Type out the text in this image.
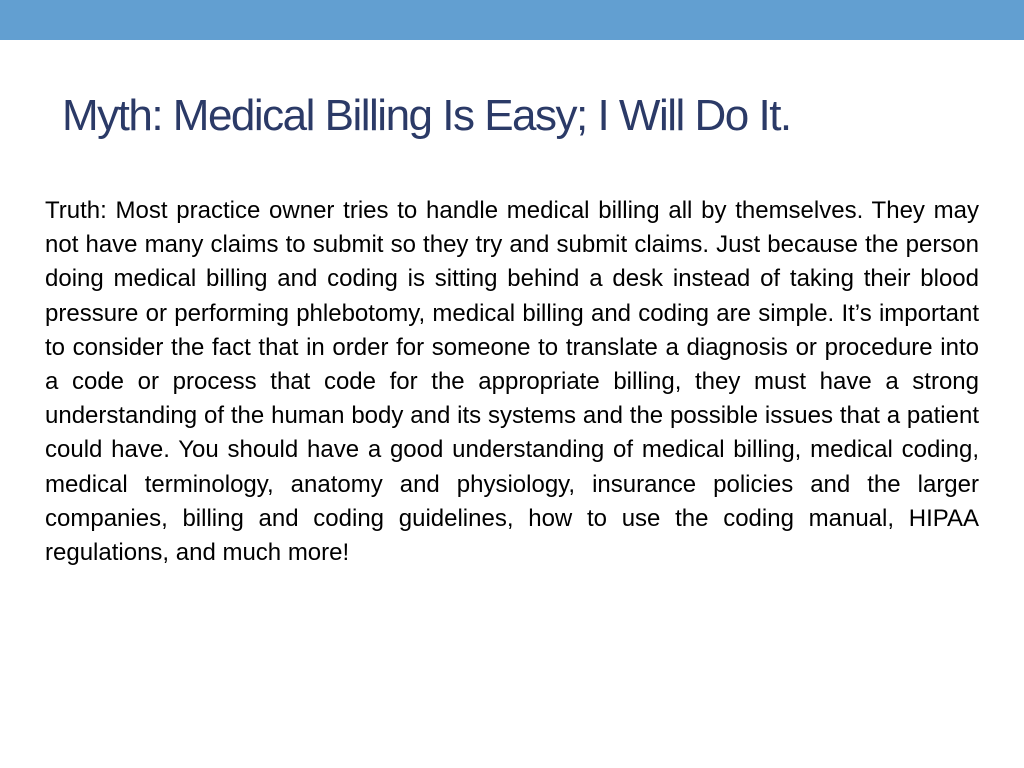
Myth: Medical Billing Is Easy; I Will Do It.

Truth: Most practice owner tries to handle medical billing all by themselves. They may not have many claims to submit so they try and submit claims. Just because the person doing medical billing and coding is sitting behind a desk instead of taking their blood pressure or performing phlebotomy, medical billing and coding are simple. It’s important to consider the fact that in order for someone to translate a diagnosis or procedure into a code or process that code for the appropriate billing, they must have a strong understanding of the human body and its systems and the possible issues that a patient could have. You should have a good understanding of medical billing, medical coding, medical terminology, anatomy and physiology, insurance policies and the larger companies, billing and coding guidelines, how to use the coding manual, HIPAA regulations, and much more!
